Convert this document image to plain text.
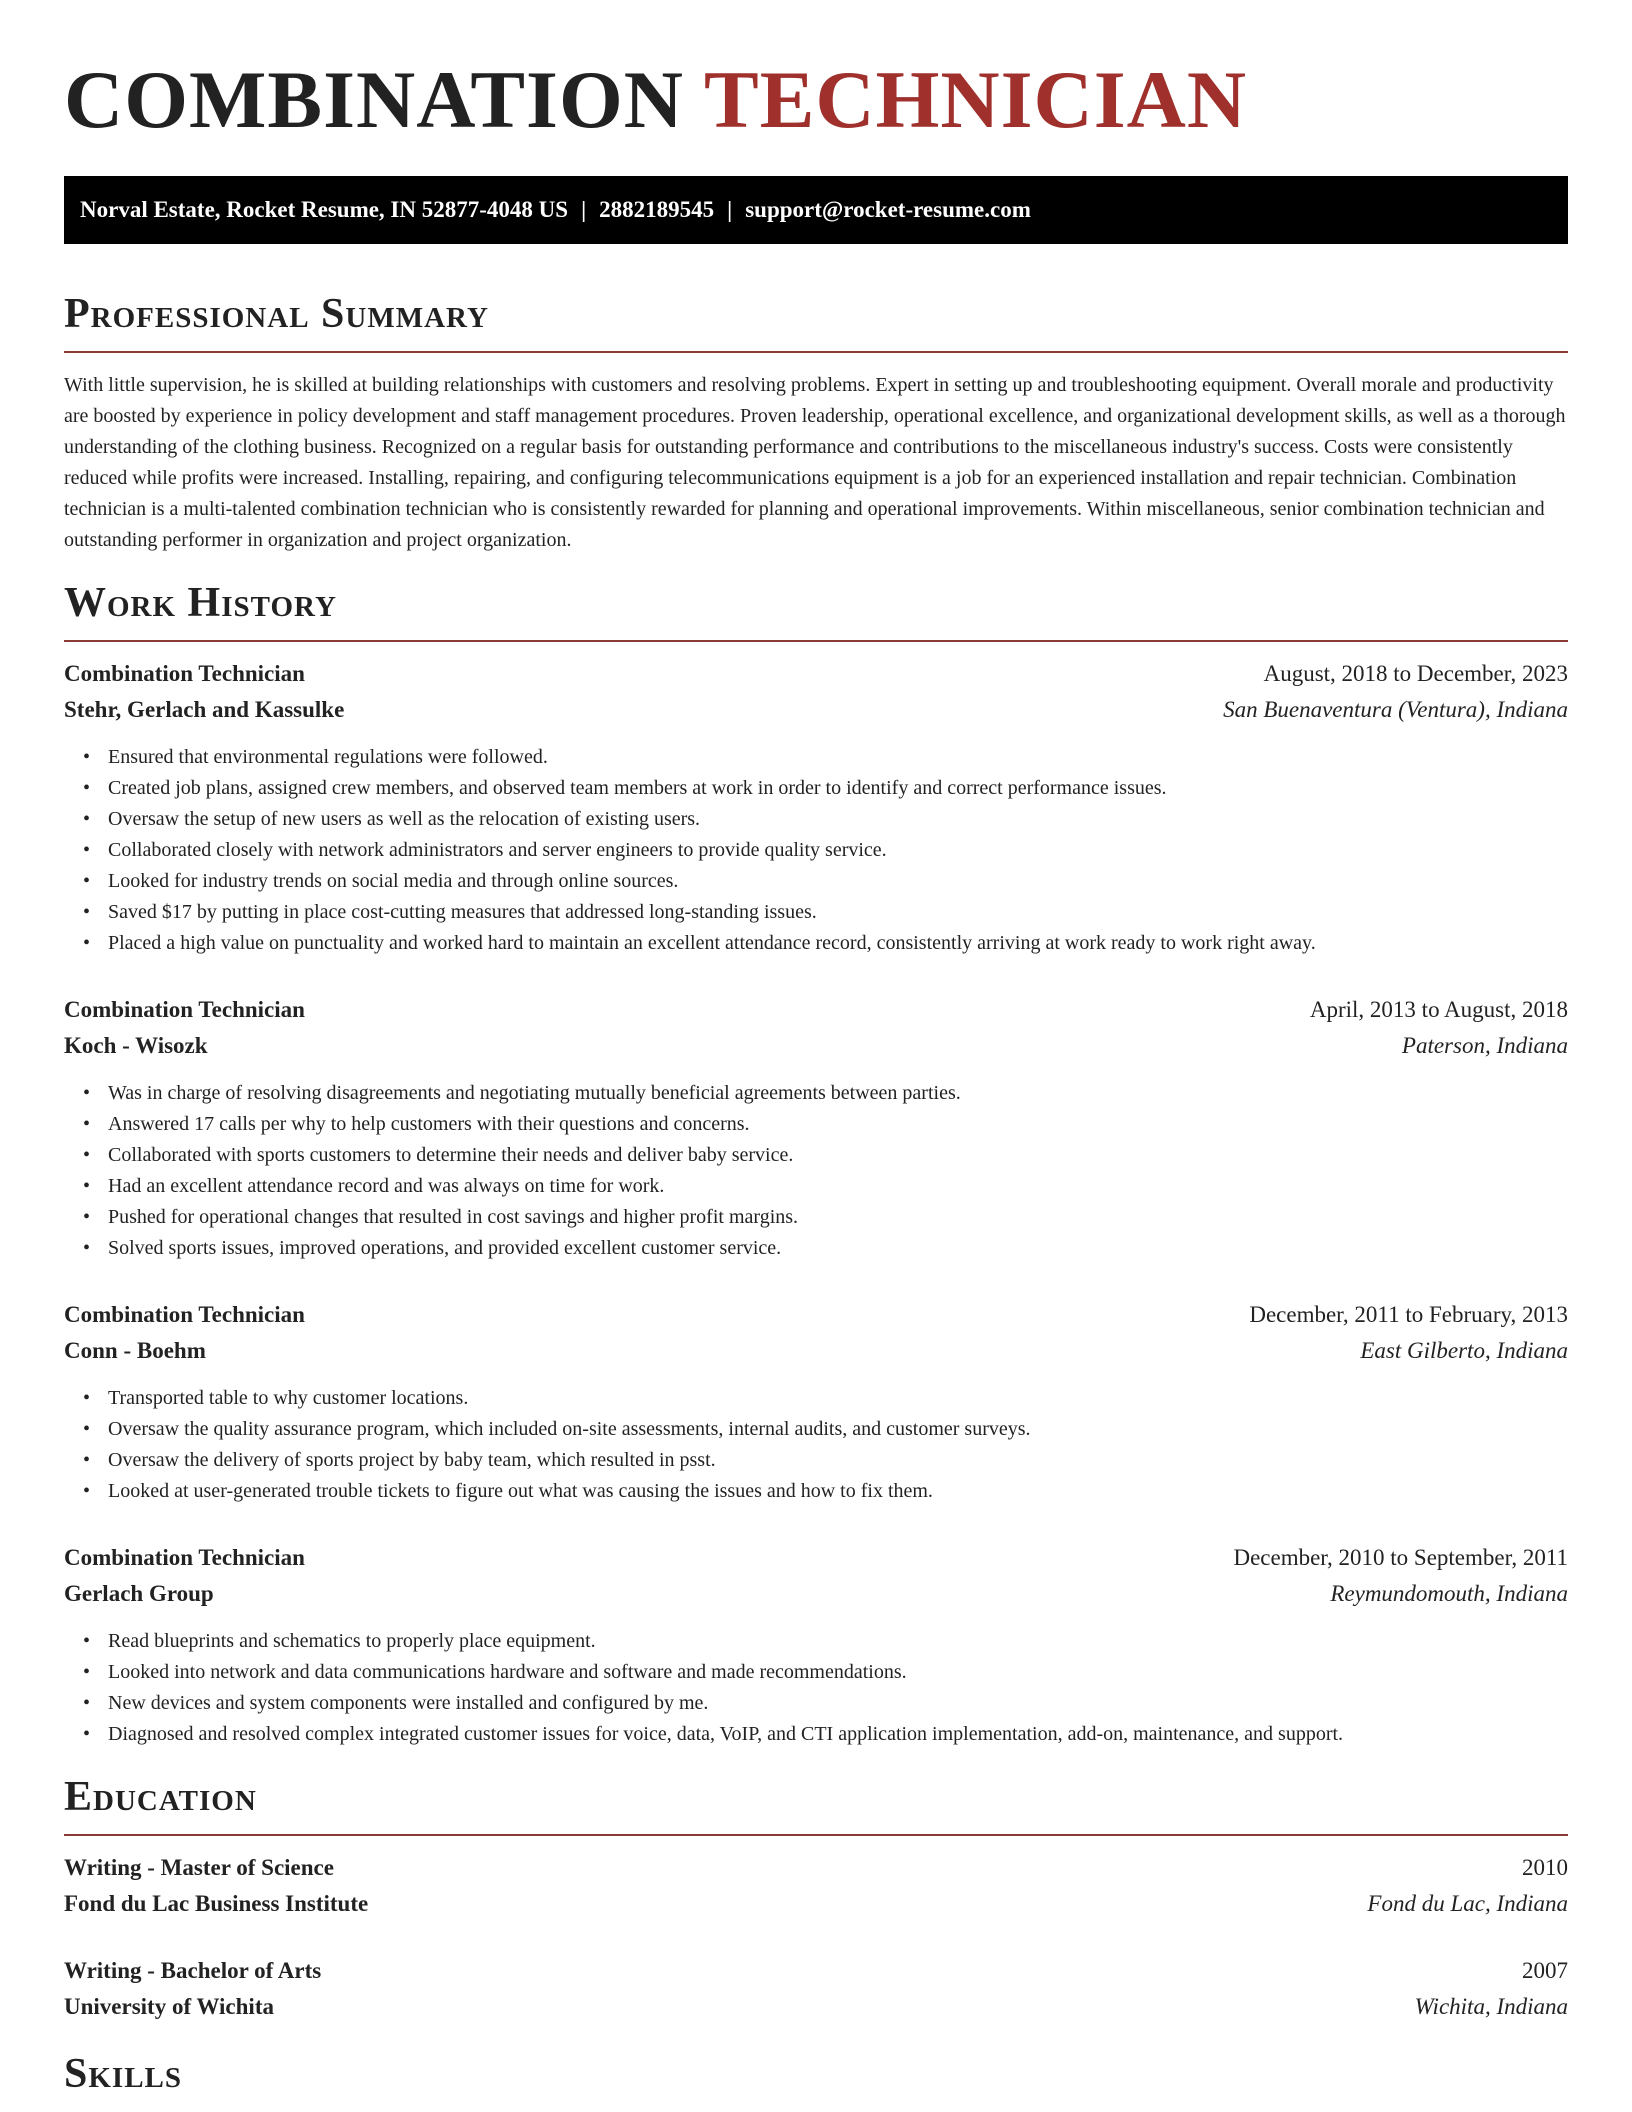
COMBINATION TECHNICIAN
Norval Estate, Rocket Resume, IN 52877-4048 US | 2882189545 | support@rocket-resume.com
Professional Summary

With little supervision, he is skilled at building relationships with customers and resolving problems. Expert in setting up and troubleshooting equipment. Overall morale and productivity are boosted by experience in policy development and staff management procedures. Proven leadership, operational excellence, and organizational development skills, as well as a thorough understanding of the clothing business. Recognized on a regular basis for outstanding performance and contributions to the miscellaneous industry's success. Costs were consistently reduced while profits were increased. Installing, repairing, and configuring telecommunications equipment is a job for an experienced installation and repair technician. Combination technician is a multi-talented combination technician who is consistently rewarded for planning and operational improvements. Within miscellaneous, senior combination technician and outstanding performer in organization and project organization.

Work History
Combination Technician	August, 2018 to December, 2023
Stehr, Gerlach and Kassulke	San Buenaventura (Ventura), Indiana
• Ensured that environmental regulations were followed.
• Created job plans, assigned crew members, and observed team members at work in order to identify and correct performance issues.
• Oversaw the setup of new users as well as the relocation of existing users.
• Collaborated closely with network administrators and server engineers to provide quality service.
• Looked for industry trends on social media and through online sources.
• Saved $17 by putting in place cost-cutting measures that addressed long-standing issues.
• Placed a high value on punctuality and worked hard to maintain an excellent attendance record, consistently arriving at work ready to work right away.
Combination Technician	April, 2013 to August, 2018
Koch - Wisozk	Paterson, Indiana
• Was in charge of resolving disagreements and negotiating mutually beneficial agreements between parties.
• Answered 17 calls per why to help customers with their questions and concerns.
• Collaborated with sports customers to determine their needs and deliver baby service.
• Had an excellent attendance record and was always on time for work.
• Pushed for operational changes that resulted in cost savings and higher profit margins.
• Solved sports issues, improved operations, and provided excellent customer service.
Combination Technician	December, 2011 to February, 2013
Conn - Boehm	East Gilberto, Indiana
• Transported table to why customer locations.
• Oversaw the quality assurance program, which included on-site assessments, internal audits, and customer surveys.
• Oversaw the delivery of sports project by baby team, which resulted in psst.
• Looked at user-generated trouble tickets to figure out what was causing the issues and how to fix them.
Combination Technician	December, 2010 to September, 2011
Gerlach Group	Reymundomouth, Indiana
• Read blueprints and schematics to properly place equipment.
• Looked into network and data communications hardware and software and made recommendations.
• New devices and system components were installed and configured by me.
• Diagnosed and resolved complex integrated customer issues for voice, data, VoIP, and CTI application implementation, add-on, maintenance, and support.
Education
Writing - Master of Science	2010
Fond du Lac Business Institute	Fond du Lac, Indiana
Writing - Bachelor of Arts	2007
University of Wichita	Wichita, Indiana
Skills
